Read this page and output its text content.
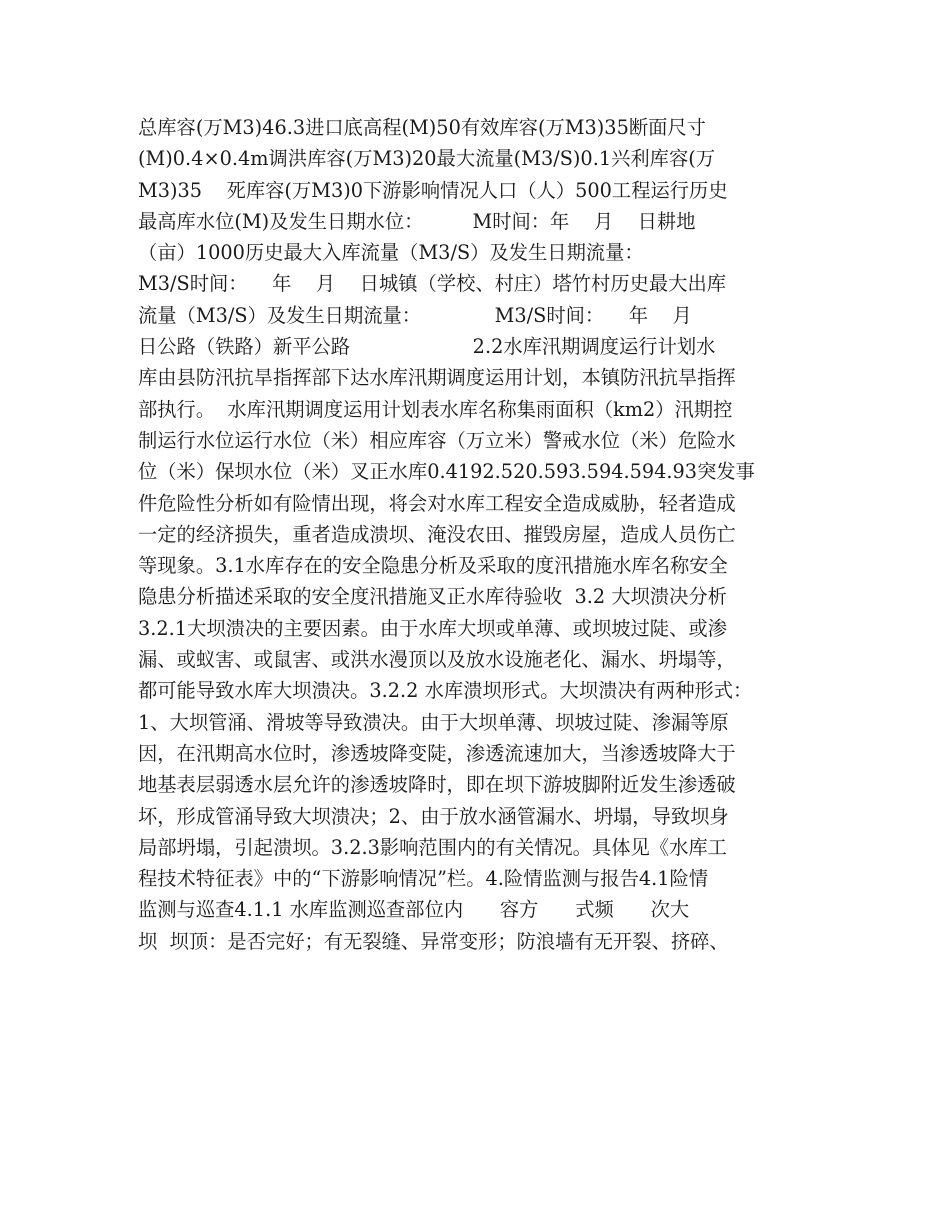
总库容(万M3)46.3进口底高程(M)50有效库容(万M3)35断面尺寸
(M)0.4×0.4m调洪库容(万M3)20最大流量(M3/S)0.1兴利库容(万
M3)35    死库容(万M3)0下游影响情况人口（人）500工程运行历史
最高库水位(M)及发生日期水位：        M时间：年    月    日耕地
（亩）1000历史最大入库流量（M3/S）及发生日期流量：
M3/S时间：    年    月    日城镇（学校、村庄）塔竹村历史最大出库
流量（M3/S）及发生日期流量：            M3/S时间：    年    月
日公路（铁路）新平公路                    2.2水库汛期调度运行计划水
库由县防汛抗旱指挥部下达水库汛期调度运用计划，本镇防汛抗旱指挥
部执行。  水库汛期调度运用计划表水库名称集雨面积（km2）汛期控
制运行水位运行水位（米）相应库容（万立米）警戒水位（米）危险水
位（米）保坝水位（米）叉正水库0.4192.520.593.594.594.93突发事
件危险性分析如有险情出现，将会对水库工程安全造成威胁，轻者造成
一定的经济损失，重者造成溃坝、淹没农田、摧毁房屋，造成人员伤亡
等现象。3.1水库存在的安全隐患分析及采取的度汛措施水库名称安全
隐患分析描述采取的安全度汛措施叉正水库待验收  3.2 大坝溃决分析
3.2.1大坝溃决的主要因素。由于水库大坝或单薄、或坝坡过陡、或渗
漏、或蚁害、或鼠害、或洪水漫顶以及放水设施老化、漏水、坍塌等，
都可能导致水库大坝溃决。3.2.2 水库溃坝形式。大坝溃决有两种形式：
1、大坝管涌、滑坡等导致溃决。由于大坝单薄、坝坡过陡、渗漏等原
因，在汛期高水位时，渗透坡降变陡，渗透流速加大，当渗透坡降大于
地基表层弱透水层允许的渗透坡降时，即在坝下游坡脚附近发生渗透破
坏，形成管涌导致大坝溃决；2、由于放水涵管漏水、坍塌，导致坝身
局部坍塌，引起溃坝。3.2.3影响范围内的有关情况。具体见《水库工
程技术特征表》中的“下游影响情况”栏。4.险情监测与报告4.1险情
监测与巡查4.1.1 水库监测巡查部位内      容方      式频      次大
坝  坝顶：是否完好；有无裂缝、异常变形；防浪墙有无开裂、挤碎、
